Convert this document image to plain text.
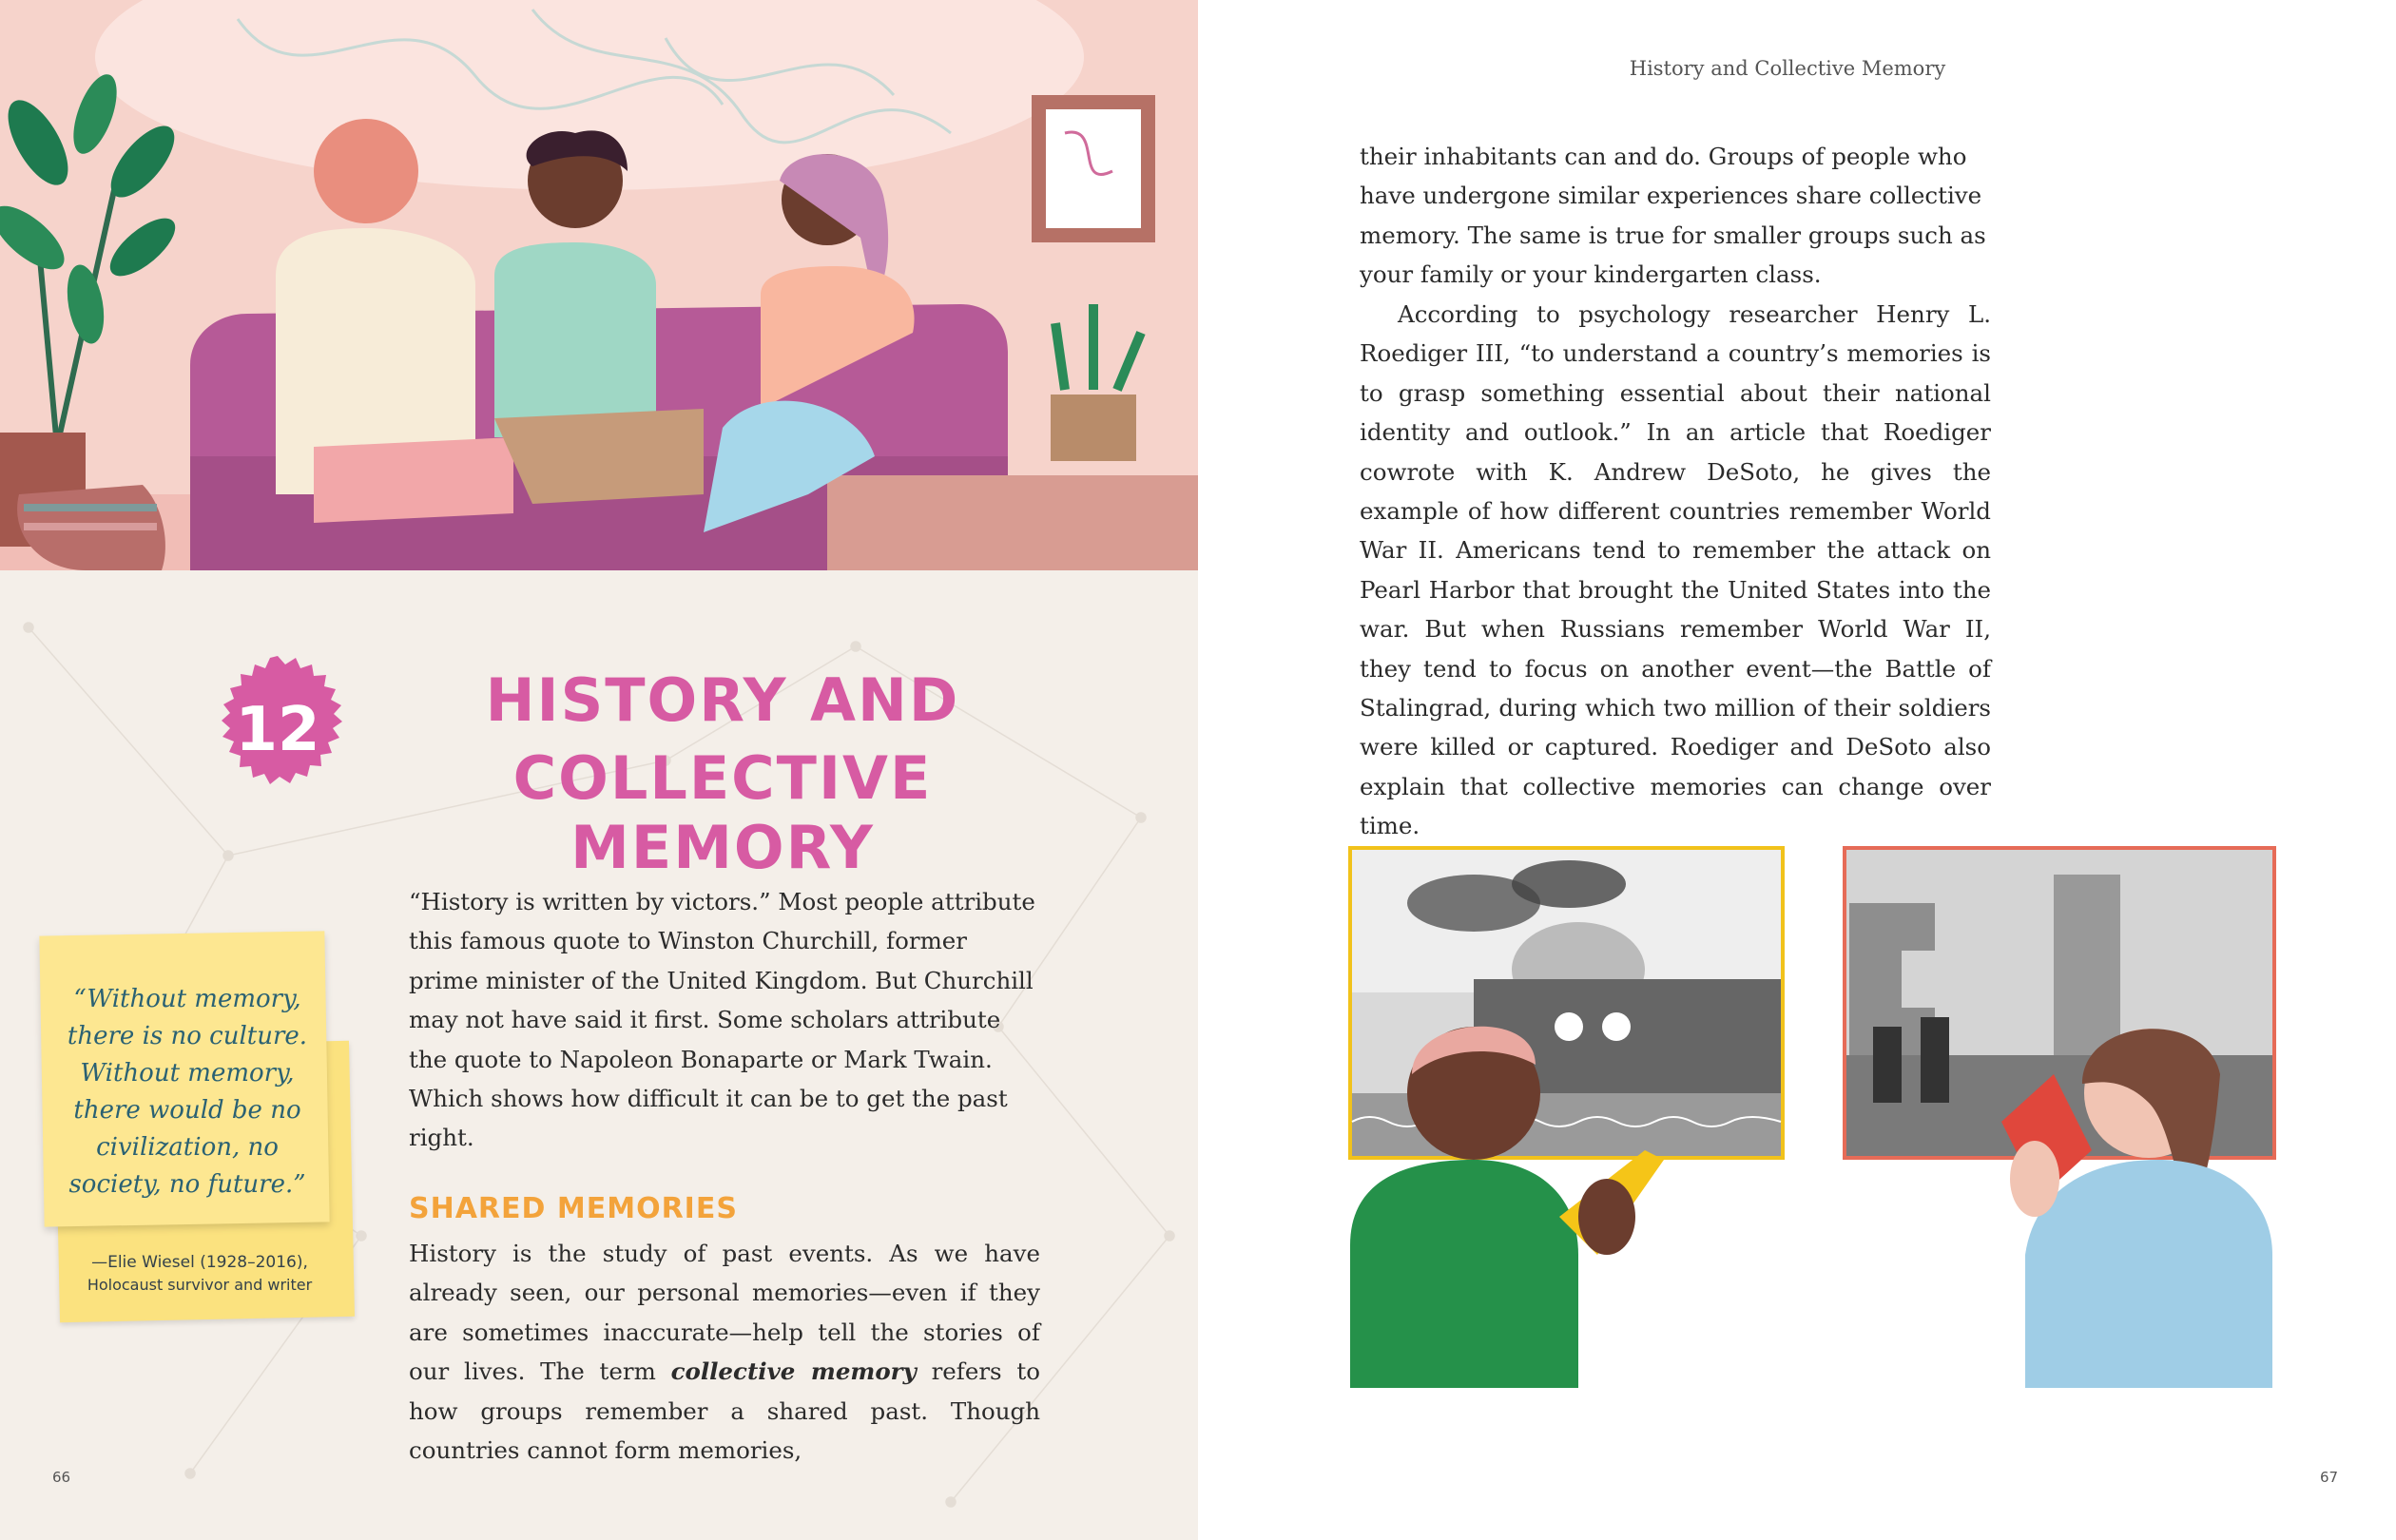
12	HISTORY AND
COLLECTIVE MEMORY
“Without memory, there is no culture. Without memory, there would be no civilization, no society, no future.”
—Elie Wiesel (1928–2016),
Holocaust survivor and writer
“History is written by victors.” Most people attribute this famous quote to Winston Churchill, former prime minister of the United Kingdom. But Churchill may not have said it first. Some scholars attribute the quote to Napoleon Bonaparte or Mark Twain. Which shows how difficult it can be to get the past right.
SHARED MEMORIES
History is the study of past events. As we have already seen, our personal memories—even if they are sometimes inaccurate—help tell the stories of our lives. The term collective memory refers to how groups remember a shared past. Though countries cannot form memories,
66
History and Collective Memory
their inhabitants can and do. Groups of people who have undergone similar experiences share collective memory. The same is true for smaller groups such as your family or your kindergarten class.
According to psychology researcher Henry L. Roediger III, “to understand a country’s memories is to grasp something essential about their national identity and outlook.” In an article that Roediger cowrote with K. Andrew DeSoto, he gives the example of how different countries remember World War II. Americans tend to remember the attack on Pearl Harbor that brought the United States into the war. But when Russians remember World War II, they tend to focus on another event—the Battle of Stalingrad, during which two million of their soldiers were killed or captured. Roediger and DeSoto also explain that collective memories can change over time.
67
